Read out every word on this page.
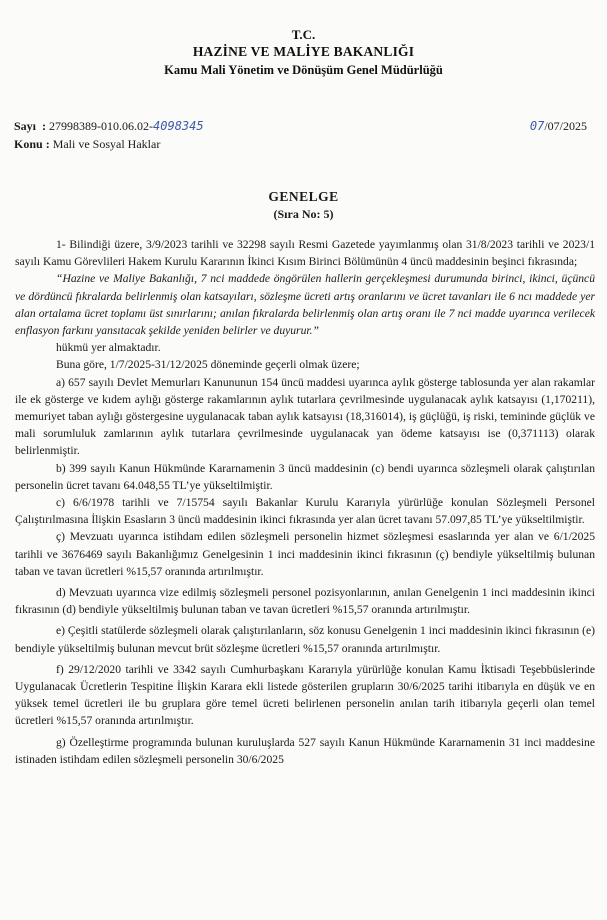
T.C.
HAZİNE VE MALİYE BAKANLIĞI
Kamu Mali Yönetim ve Dönüşüm Genel Müdürlüğü
Sayı  : 27998389-010.06.02-4098345	07/07/2025
Konu : Mali ve Sosyal Haklar
GENELGE
(Sıra No: 5)

1- Bilindiği üzere, 3/9/2023 tarihli ve 32298 sayılı Resmi Gazetede yayımlanmış olan 31/8/2023 tarihli ve 2023/1 sayılı Kamu Görevlileri Hakem Kurulu Kararının İkinci Kısım Birinci Bölümünün 4 üncü maddesinin beşinci fıkrasında;

“Hazine ve Maliye Bakanlığı, 7 nci maddede öngörülen hallerin gerçekleşmesi durumunda birinci, ikinci, üçüncü ve dördüncü fıkralarda belirlenmiş olan katsayıları, sözleşme ücreti artış oranlarını ve ücret tavanları ile 6 ncı maddede yer alan ortalama ücret toplamı üst sınırlarını; anılan fıkralarda belirlenmiş olan artış oranı ile 7 nci madde uyarınca verilecek enflasyon farkını yansıtacak şekilde yeniden belirler ve duyurur.”

hükmü yer almaktadır.

Buna göre, 1/7/2025-31/12/2025 döneminde geçerli olmak üzere;

a) 657 sayılı Devlet Memurları Kanununun 154 üncü maddesi uyarınca aylık gösterge tablosunda yer alan rakamlar ile ek gösterge ve kıdem aylığı gösterge rakamlarının aylık tutarlara çevrilmesinde uygulanacak aylık katsayısı (1,170211), memuriyet taban aylığı göstergesine uygulanacak taban aylık katsayısı (18,316014), iş güçlüğü, iş riski, temininde güçlük ve mali sorumluluk zamlarının aylık tutarlara çevrilmesinde uygulanacak yan ödeme katsayısı ise (0,371113) olarak belirlenmiştir.

b) 399 sayılı Kanun Hükmünde Kararnamenin 3 üncü maddesinin (c) bendi uyarınca sözleşmeli olarak çalıştırılan personelin ücret tavanı 64.048,55 TL’ye yükseltilmiştir.

c) 6/6/1978 tarihli ve 7/15754 sayılı Bakanlar Kurulu Kararıyla yürürlüğe konulan Sözleşmeli Personel Çalıştırılmasına İlişkin Esasların 3 üncü maddesinin ikinci fıkrasında yer alan ücret tavanı 57.097,85 TL’ye yükseltilmiştir.

ç) Mevzuatı uyarınca istihdam edilen sözleşmeli personelin hizmet sözleşmesi esaslarında yer alan ve 6/1/2025 tarihli ve 3676469 sayılı Bakanlığımız Genelgesinin 1 inci maddesinin ikinci fıkrasının (ç) bendiyle yükseltilmiş bulunan taban ve tavan ücretleri %15,57 oranında artırılmıştır.

d) Mevzuatı uyarınca vize edilmiş sözleşmeli personel pozisyonlarının, anılan Genelgenin 1 inci maddesinin ikinci fıkrasının (d) bendiyle yükseltilmiş bulunan taban ve tavan ücretleri %15,57 oranında artırılmıştır.

e) Çeşitli statülerde sözleşmeli olarak çalıştırılanların, söz konusu Genelgenin 1 inci maddesinin ikinci fıkrasının (e) bendiyle yükseltilmiş bulunan mevcut brüt sözleşme ücretleri %15,57 oranında artırılmıştır.

f) 29/12/2020 tarihli ve 3342 sayılı Cumhurbaşkanı Kararıyla yürürlüğe konulan Kamu İktisadi Teşebbüslerinde Uygulanacak Ücretlerin Tespitine İlişkin Karara ekli listede gösterilen grupların 30/6/2025 tarihi itibarıyla en düşük ve en yüksek temel ücretleri ile bu gruplara göre temel ücreti belirlenen personelin anılan tarih itibarıyla geçerli olan temel ücretleri %15,57 oranında artırılmıştır.

g) Özelleştirme programında bulunan kuruluşlarda 527 sayılı Kanun Hükmünde Kararnamenin 31 inci maddesine istinaden istihdam edilen sözleşmeli personelin 30/6/2025
